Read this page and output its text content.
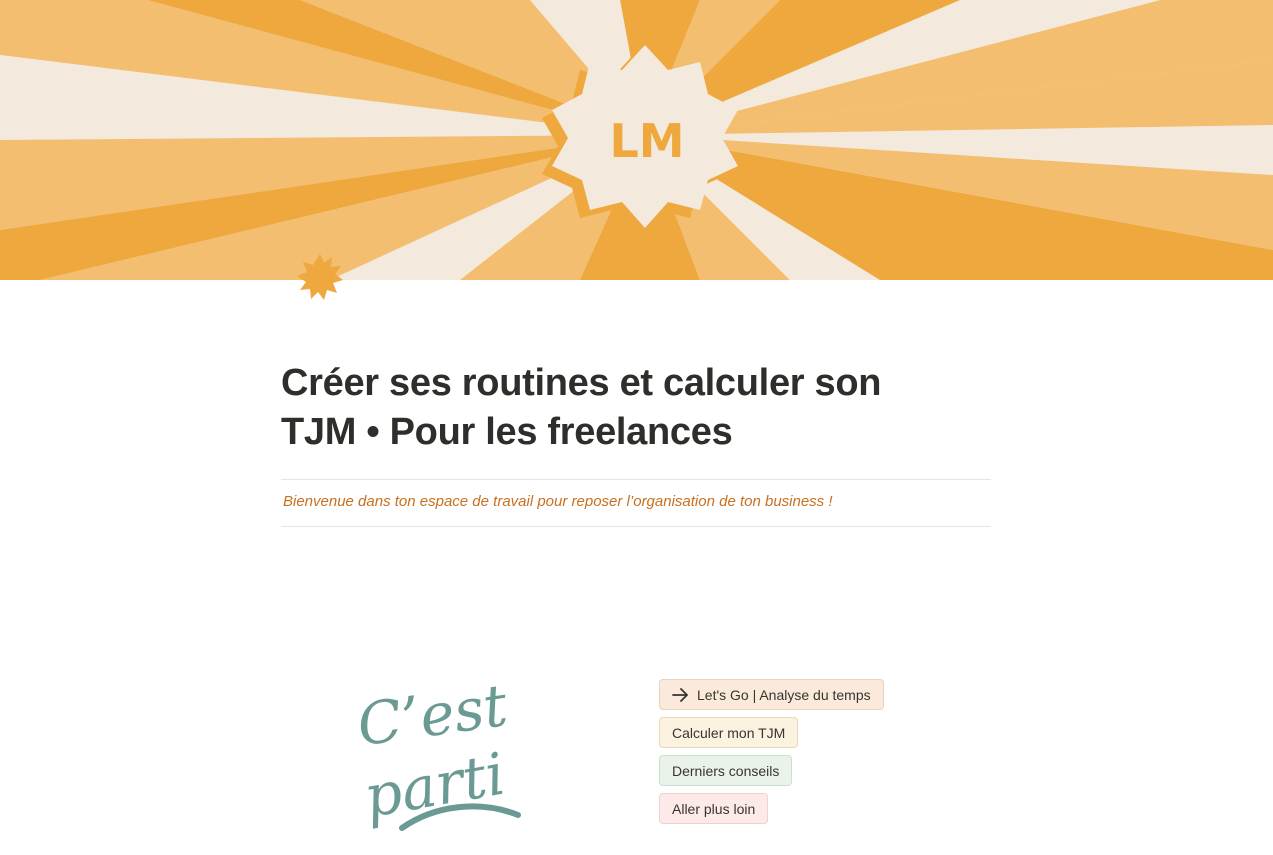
LM
Créer ses routines et calculer son
TJM • Pour les freelances

Bienvenue dans ton espace de travail pour reposer l’organisation de ton business !

C’est
parti
Let's Go | Analyse du temps
Calculer mon TJM
Derniers conseils
Aller plus loin
